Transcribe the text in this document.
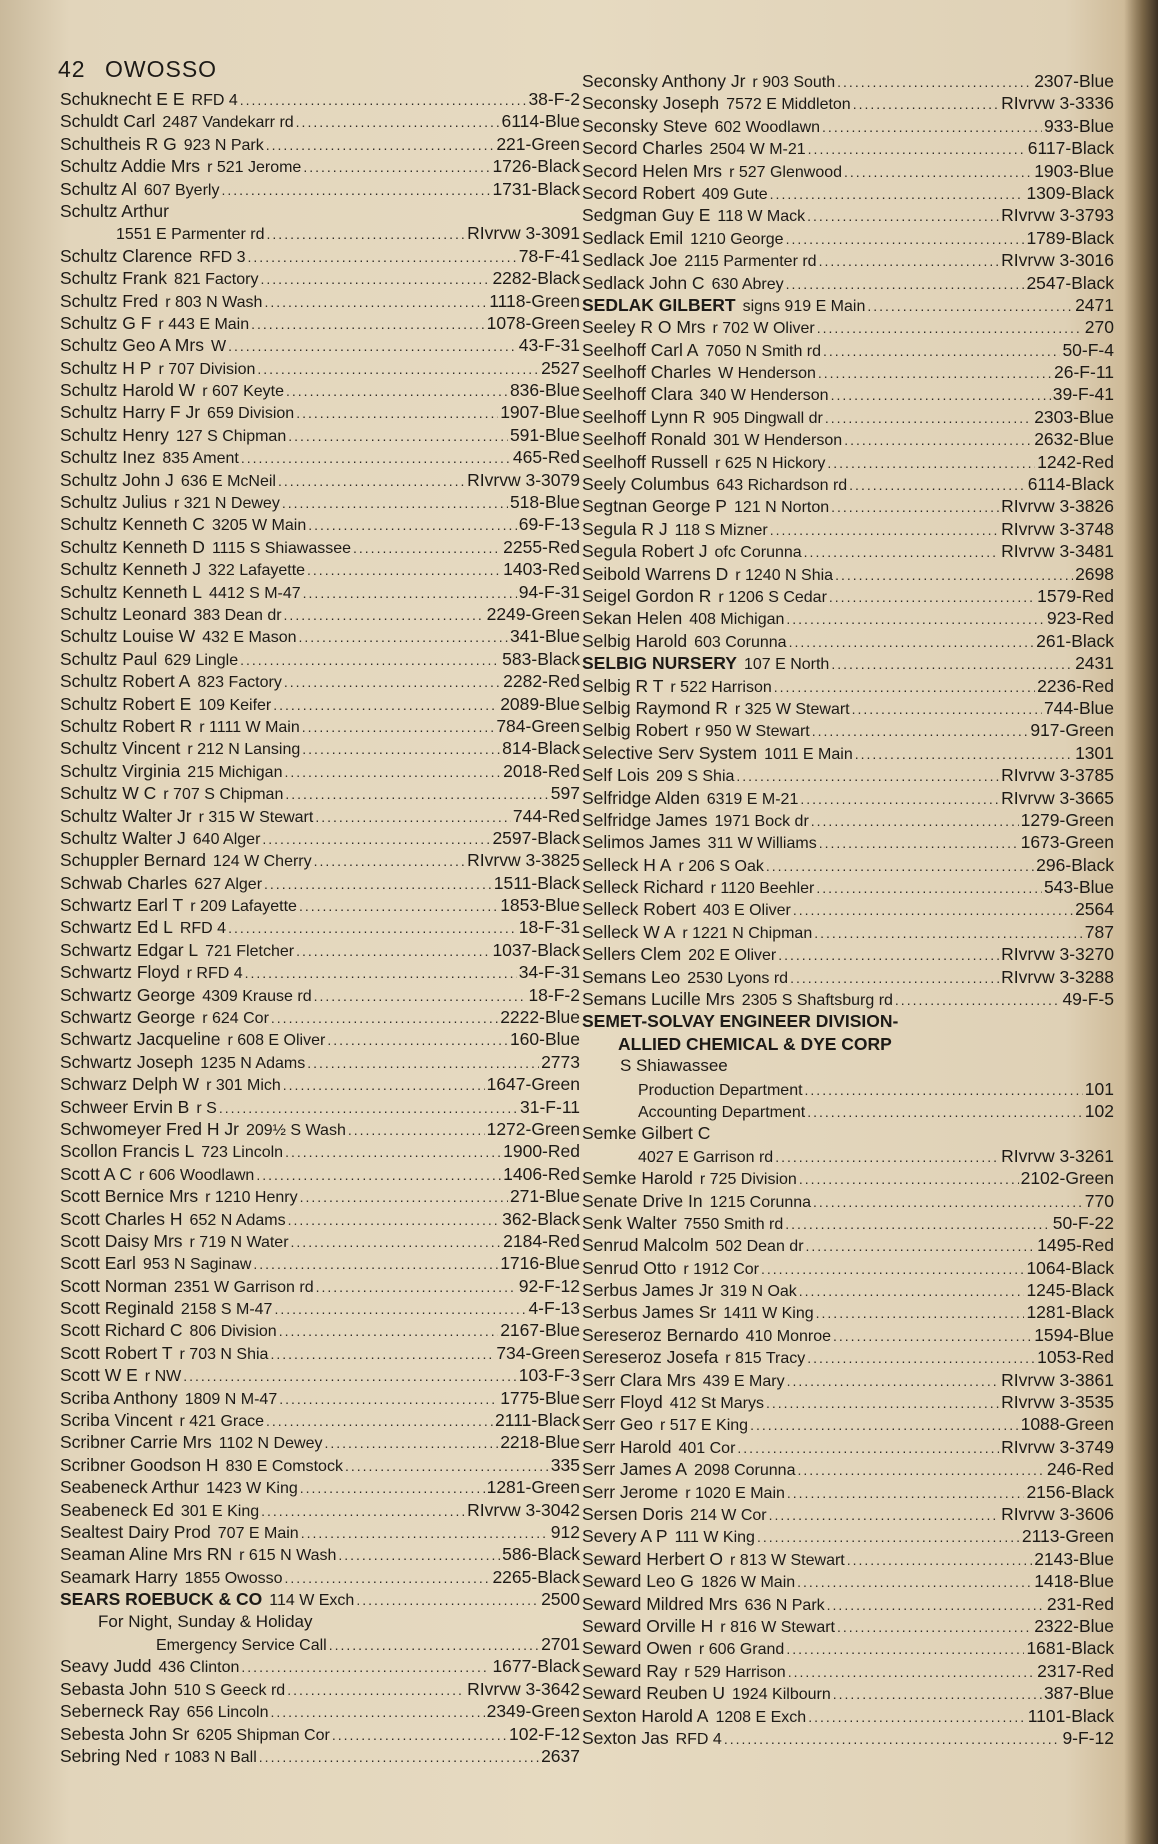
42 OWOSSO
Schuknecht E E RFD 4 .....	38-F-2
Schuldt Carl 2487 Vandekarr rd .....	6114-Blue
Schultheis R G 923 N Park .....	221-Green
Schultz Addie Mrs r 521 Jerome .....	1726-Black
Schultz Al 607 Byerly .....	1731-Black
Schultz Arthur
1551 E Parmenter rd .....	RIvrvw 3-3091
Schultz Clarence RFD 3 .....	78-F-41
Schultz Frank 821 Factory .....	2282-Black
Schultz Fred r 803 N Wash .....	1118-Green
Schultz G F r 443 E Main .....	1078-Green
Schultz Geo A Mrs W .....	43-F-31
Schultz H P r 707 Division .....	2527
Schultz Harold W r 607 Keyte .....	836-Blue
Schultz Harry F Jr 659 Division .....	1907-Blue
Schultz Henry 127 S Chipman .....	591-Blue
Schultz Inez 835 Ament .....	465-Red
Schultz John J 636 E McNeil .....	RIvrvw 3-3079
Schultz Julius r 321 N Dewey .....	518-Blue
Schultz Kenneth C 3205 W Main .....	69-F-13
Schultz Kenneth D 1115 S Shiawassee .....	2255-Red
Schultz Kenneth J 322 Lafayette .....	1403-Red
Schultz Kenneth L 4412 S M-47 .....	94-F-31
Schultz Leonard 383 Dean dr .....	2249-Green
Schultz Louise W 432 E Mason .....	341-Blue
Schultz Paul 629 Lingle .....	583-Black
Schultz Robert A 823 Factory .....	2282-Red
Schultz Robert E 109 Keifer .....	2089-Blue
Schultz Robert R r 1111 W Main .....	784-Green
Schultz Vincent r 212 N Lansing .....	814-Black
Schultz Virginia 215 Michigan .....	2018-Red
Schultz W C r 707 S Chipman .....	597
Schultz Walter Jr r 315 W Stewart .....	744-Red
Schultz Walter J 640 Alger .....	2597-Black
Schuppler Bernard 124 W Cherry .....	RIvrvw 3-3825
Schwab Charles 627 Alger .....	1511-Black
Schwartz Earl T r 209 Lafayette .....	1853-Blue
Schwartz Ed L RFD 4 .....	18-F-31
Schwartz Edgar L 721 Fletcher .....	1037-Black
Schwartz Floyd r RFD 4 .....	34-F-31
Schwartz George 4309 Krause rd .....	18-F-2
Schwartz George r 624 Cor .....	2222-Blue
Schwartz Jacqueline r 608 E Oliver .....	160-Blue
Schwartz Joseph 1235 N Adams .....	2773
Schwarz Delph W r 301 Mich .....	1647-Green
Schweer Ervin B r S .....	31-F-11
Schwomeyer Fred H Jr 209½ S Wash .....	1272-Green
Scollon Francis L 723 Lincoln .....	1900-Red
Scott A C r 606 Woodlawn .....	1406-Red
Scott Bernice Mrs r 1210 Henry .....	271-Blue
Scott Charles H 652 N Adams .....	362-Black
Scott Daisy Mrs r 719 N Water .....	2184-Red
Scott Earl 953 N Saginaw .....	1716-Blue
Scott Norman 2351 W Garrison rd .....	92-F-12
Scott Reginald 2158 S M-47 .....	4-F-13
Scott Richard C 806 Division .....	2167-Blue
Scott Robert T r 703 N Shia .....	734-Green
Scott W E r NW .....	103-F-3
Scriba Anthony 1809 N M-47 .....	1775-Blue
Scriba Vincent r 421 Grace .....	2111-Black
Scribner Carrie Mrs 1102 N Dewey .....	2218-Blue
Scribner Goodson H 830 E Comstock .....	335
Seabeneck Arthur 1423 W King .....	1281-Green
Seabeneck Ed 301 E King .....	RIvrvw 3-3042
Sealtest Dairy Prod 707 E Main .....	912
Seaman Aline Mrs RN r 615 N Wash .....	586-Black
Seamark Harry 1855 Owosso .....	2265-Black
SEARS ROEBUCK & CO 114 W Exch .....	2500
For Night, Sunday & Holiday
Emergency Service Call .....	2701
Seavy Judd 436 Clinton .....	1677-Black
Sebasta John 510 S Geeck rd .....	RIvrvw 3-3642
Seberneck Ray 656 Lincoln .....	2349-Green
Sebesta John Sr 6205 Shipman Cor .....	102-F-12
Sebring Ned r 1083 N Ball .....	2637
Seconsky Anthony Jr r 903 South .....	2307-Blue
Seconsky Joseph 7572 E Middleton .....	RIvrvw 3-3336
Seconsky Steve 602 Woodlawn .....	933-Blue
Secord Charles 2504 W M-21 .....	6117-Black
Secord Helen Mrs r 527 Glenwood .....	1903-Blue
Secord Robert 409 Gute .....	1309-Black
Sedgman Guy E 118 W Mack .....	RIvrvw 3-3793
Sedlack Emil 1210 George .....	1789-Black
Sedlack Joe 2115 Parmenter rd .....	RIvrvw 3-3016
Sedlack John C 630 Abrey .....	2547-Black
SEDLAK GILBERT signs 919 E Main .....	2471
Seeley R O Mrs r 702 W Oliver .....	270
Seelhoff Carl A 7050 N Smith rd .....	50-F-4
Seelhoff Charles W Henderson .....	26-F-11
Seelhoff Clara 340 W Henderson .....	39-F-41
Seelhoff Lynn R 905 Dingwall dr .....	2303-Blue
Seelhoff Ronald 301 W Henderson .....	2632-Blue
Seelhoff Russell r 625 N Hickory .....	1242-Red
Seely Columbus 643 Richardson rd .....	6114-Black
Segtnan George P 121 N Norton .....	RIvrvw 3-3826
Segula R J 118 S Mizner .....	RIvrvw 3-3748
Segula Robert J ofc Corunna .....	RIvrvw 3-3481
Seibold Warrens D r 1240 N Shia .....	2698
Seigel Gordon R r 1206 S Cedar .....	1579-Red
Sekan Helen 408 Michigan .....	923-Red
Selbig Harold 603 Corunna .....	261-Black
SELBIG NURSERY 107 E North .....	2431
Selbig R T r 522 Harrison .....	2236-Red
Selbig Raymond R r 325 W Stewart .....	744-Blue
Selbig Robert r 950 W Stewart .....	917-Green
Selective Serv System 1011 E Main .....	1301
Self Lois 209 S Shia .....	RIvrvw 3-3785
Selfridge Alden 6319 E M-21 .....	RIvrvw 3-3665
Selfridge James 1971 Bock dr .....	1279-Green
Selimos James 311 W Williams .....	1673-Green
Selleck H A r 206 S Oak .....	296-Black
Selleck Richard r 1120 Beehler .....	543-Blue
Selleck Robert 403 E Oliver .....	2564
Selleck W A r 1221 N Chipman .....	787
Sellers Clem 202 E Oliver .....	RIvrvw 3-3270
Semans Leo 2530 Lyons rd .....	RIvrvw 3-3288
Semans Lucille Mrs 2305 S Shaftsburg rd .....	49-F-5
SEMET-SOLVAY ENGINEER DIVISION-
ALLIED CHEMICAL & DYE CORP
S Shiawassee
Production Department .....	101
Accounting Department .....	102
Semke Gilbert C
4027 E Garrison rd .....	RIvrvw 3-3261
Semke Harold r 725 Division .....	2102-Green
Senate Drive In 1215 Corunna .....	770
Senk Walter 7550 Smith rd .....	50-F-22
Senrud Malcolm 502 Dean dr .....	1495-Red
Senrud Otto r 1912 Cor .....	1064-Black
Serbus James Jr 319 N Oak .....	1245-Black
Serbus James Sr 1411 W King .....	1281-Black
Sereseroz Bernardo 410 Monroe .....	1594-Blue
Sereseroz Josefa r 815 Tracy .....	1053-Red
Serr Clara Mrs 439 E Mary .....	RIvrvw 3-3861
Serr Floyd 412 St Marys .....	RIvrvw 3-3535
Serr Geo r 517 E King .....	1088-Green
Serr Harold 401 Cor .....	RIvrvw 3-3749
Serr James A 2098 Corunna .....	246-Red
Serr Jerome r 1020 E Main .....	2156-Black
Sersen Doris 214 W Cor .....	RIvrvw 3-3606
Severy A P 111 W King .....	2113-Green
Seward Herbert O r 813 W Stewart .....	2143-Blue
Seward Leo G 1826 W Main .....	1418-Blue
Seward Mildred Mrs 636 N Park .....	231-Red
Seward Orville H r 816 W Stewart .....	2322-Blue
Seward Owen r 606 Grand .....	1681-Black
Seward Ray r 529 Harrison .....	2317-Red
Seward Reuben U 1924 Kilbourn .....	387-Blue
Sexton Harold A 1208 E Exch .....	1101-Black
Sexton Jas RFD 4 .....	9-F-12
